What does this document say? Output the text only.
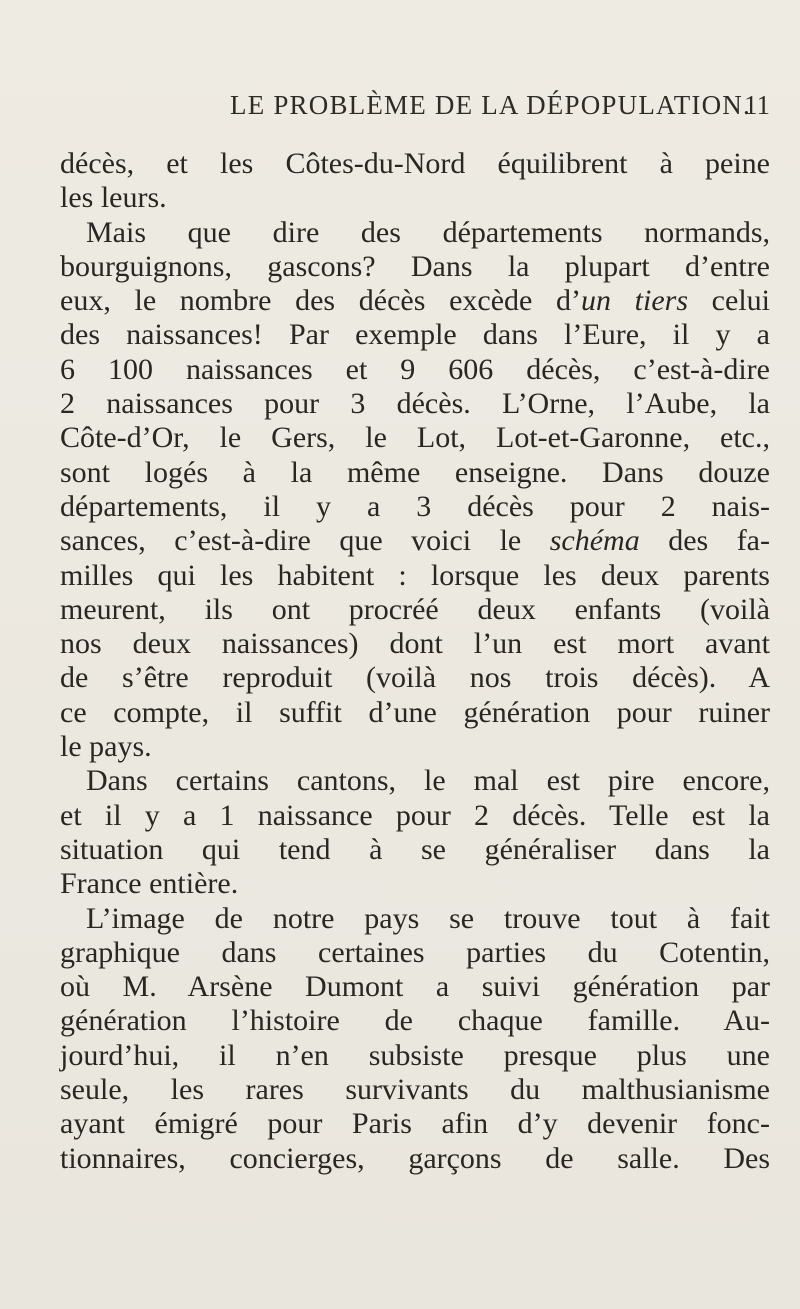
LE PROBLÈME DE LA DÉPOPULATION.
11
décès, et les Côtes-du-Nord équilibrent à peine
les leurs.
Mais que dire des départements normands,
bourguignons, gascons? Dans la plupart d’entre
eux, le nombre des décès excède d’un tiers celui
des naissances! Par exemple dans l’Eure, il y a
6 100 naissances et 9 606 décès, c’est-à-dire
2 naissances pour 3 décès. L’Orne, l’Aube, la
Côte-d’Or, le Gers, le Lot, Lot-et-Garonne, etc.,
sont logés à la même enseigne. Dans douze
départements, il y a 3 décès pour 2 nais-
sances, c’est-à-dire que voici le schéma des fa-
milles qui les habitent : lorsque les deux parents
meurent, ils ont procréé deux enfants (voilà
nos deux naissances) dont l’un est mort avant
de s’être reproduit (voilà nos trois décès). A
ce compte, il suffit d’une génération pour ruiner
le pays.
Dans certains cantons, le mal est pire encore,
et il y a 1 naissance pour 2 décès. Telle est la
situation qui tend à se généraliser dans la
France entière.
L’image de notre pays se trouve tout à fait
graphique dans certaines parties du Cotentin,
où M. Arsène Dumont a suivi génération par
génération l’histoire de chaque famille. Au-
jourd’hui, il n’en subsiste presque plus une
seule, les rares survivants du malthusianisme
ayant émigré pour Paris afin d’y devenir fonc-
tionnaires, concierges, garçons de salle. Des
